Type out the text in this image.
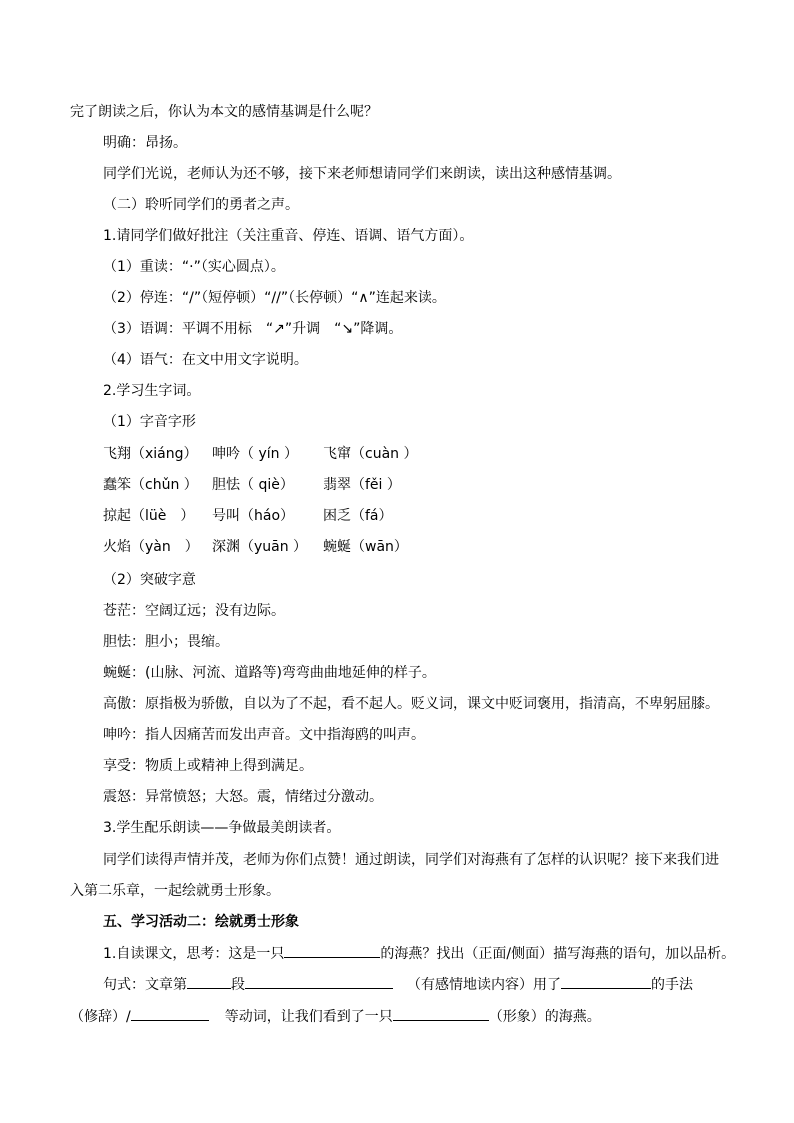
完了朗读之后，你认为本文的感情基调是什么呢？
明确：昂扬。
同学们光说，老师认为还不够，接下来老师想请同学们来朗读，读出这种感情基调。
（二）聆听同学们的勇者之声。
1.请同学们做好批注（关注重音、停连、语调、语气方面）。
（1）重读：“·”（实心圆点）。
（2）停连：“/”（短停顿）“//”（长停顿）“∧”连起来读。
（3）语调：平调不用标　“↗”升调　“↘”降调。
（4）语气：在文中用文字说明。
2.学习生字词。
（1）字音字形
飞翔（xiáng） 呻吟（ yín ） 飞窜（cuàn ）
蠢笨（chǔn ） 胆怯（ qiè） 翡翠（fěi ）
掠起（lüè　） 号叫（háo） 困乏（fá）
火焰（yàn　） 深渊（yuān ） 蜿蜒（wān）
（2）突破字意
苍茫：空阔辽远；没有边际。
胆怯：胆小；畏缩。
蜿蜒：(山脉、河流、道路等)弯弯曲曲地延伸的样子。
高傲：原指极为骄傲，自以为了不起，看不起人。贬义词，课文中贬词褒用，指清高，不卑躬屈膝。
呻吟：指人因痛苦而发出声音。文中指海鸥的叫声。
享受：物质上或精神上得到满足。
震怒：异常愤怒；大怒。震，情绪过分激动。
3.学生配乐朗读——争做最美朗读者。
同学们读得声情并茂，老师为你们点赞！通过朗读，同学们对海燕有了怎样的认识呢？接下来我们进
入第二乐章，一起绘就勇士形象。
五、学习活动二：绘就勇士形象
1.自读课文，思考：这是一只	的海燕？找出（正面/侧面）描写海燕的语句，加以品析。
句式：文章第	段	（有感情地读内容）用了	的手法
（修辞）/	等动词，让我们看到了一只	（形象）的海燕。
